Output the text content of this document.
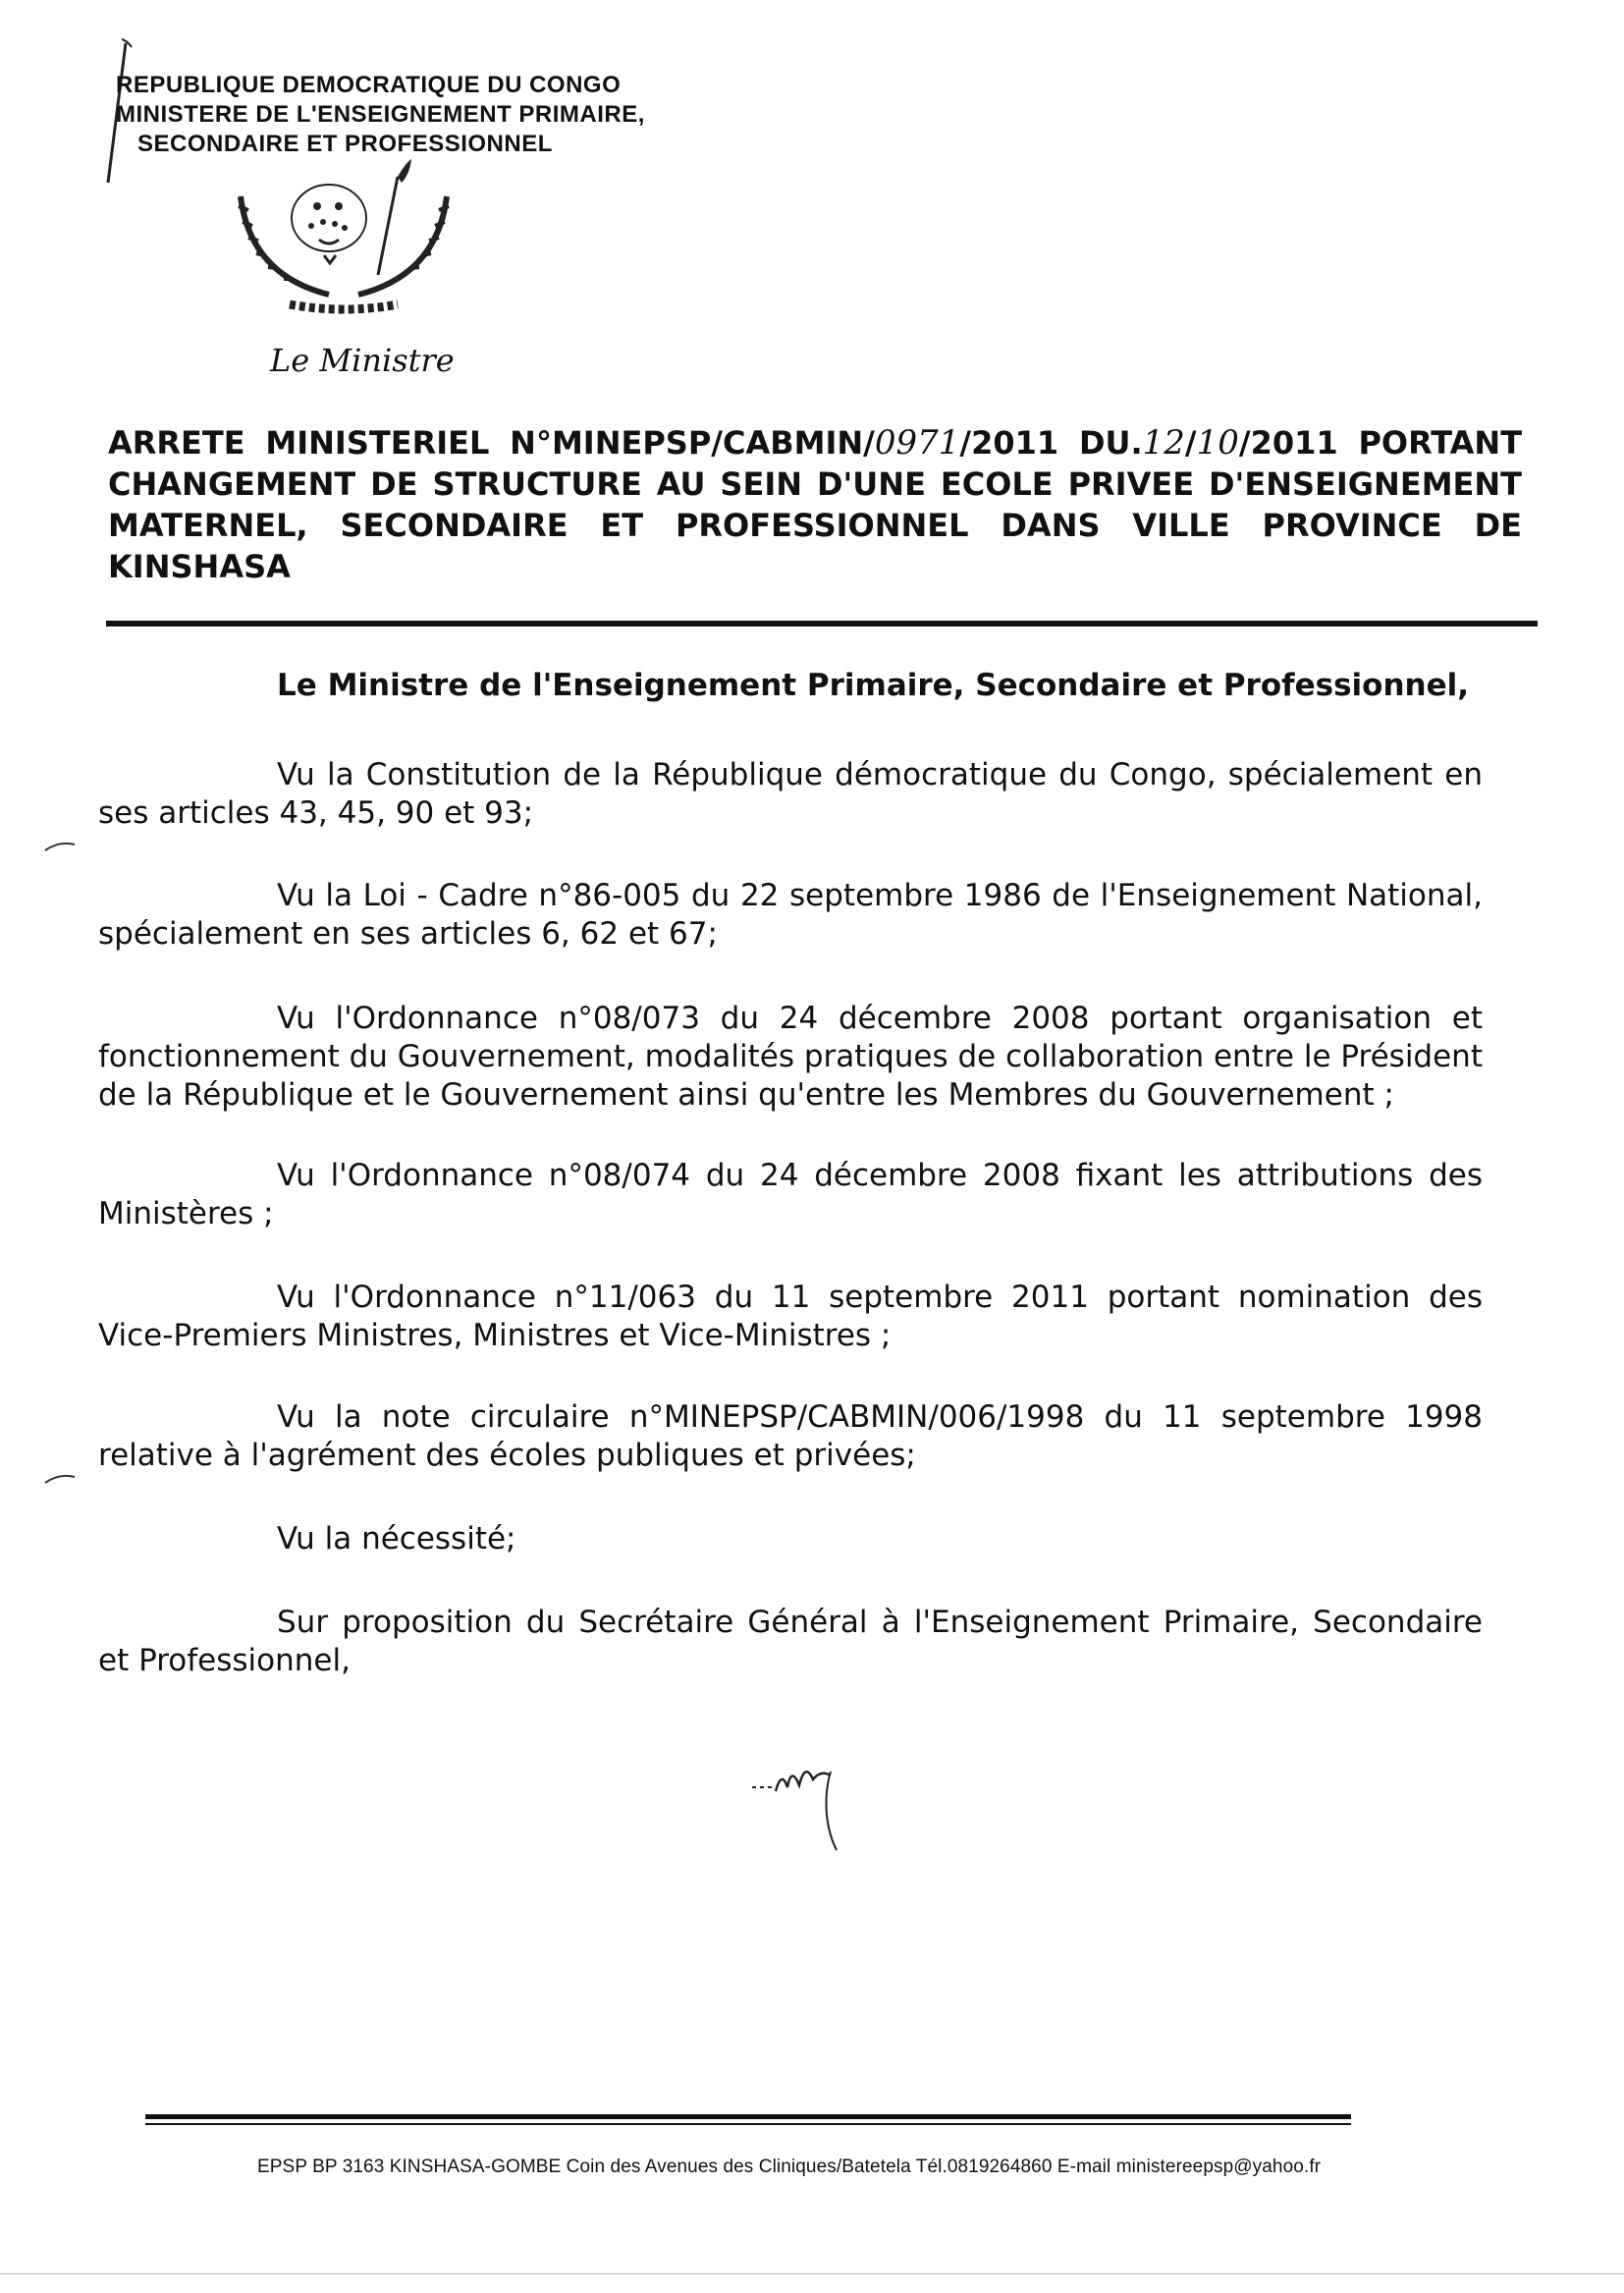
REPUBLIQUE DEMOCRATIQUE DU CONGO
MINISTERE DE L'ENSEIGNEMENT PRIMAIRE,
SECONDAIRE ET PROFESSIONNEL
Le Ministre
ARRETE MINISTERIEL N°MINEPSP/CABMIN/0971/2011 DU.12/10/2011 PORTANT CHANGEMENT DE STRUCTURE AU SEIN D'UNE ECOLE PRIVEE D'ENSEIGNEMENT MATERNEL, SECONDAIRE ET PROFESSIONNEL DANS VILLE PROVINCE DE KINSHASA
Le Ministre de l'Enseignement Primaire, Secondaire et Professionnel,
Vu la Constitution de la République démocratique du Congo, spécialement en ses articles 43, 45, 90 et 93;
Vu la Loi - Cadre n°86-005 du 22 septembre 1986 de l'Enseignement National, spécialement en ses articles 6, 62 et 67;
Vu l'Ordonnance n°08/073 du 24 décembre 2008 portant organisation et fonctionnement du Gouvernement, modalités pratiques de collaboration entre le Président de la République et le Gouvernement ainsi qu'entre les Membres du Gouvernement ;
Vu l'Ordonnance n°08/074 du 24 décembre 2008 fixant les attributions des Ministères ;
Vu l'Ordonnance n°11/063 du 11 septembre 2011 portant nomination des Vice-Premiers Ministres, Ministres et Vice-Ministres ;
Vu la note circulaire n°MINEPSP/CABMIN/006/1998 du 11 septembre 1998 relative à l'agrément des écoles publiques et privées;
Vu la nécessité;
Sur proposition du Secrétaire Général à l'Enseignement Primaire, Secondaire et Professionnel,
EPSP BP 3163 KINSHASA-GOMBE Coin des Avenues des Cliniques/Batetela Tél.0819264860 E-mail ministereepsp@yahoo.fr
